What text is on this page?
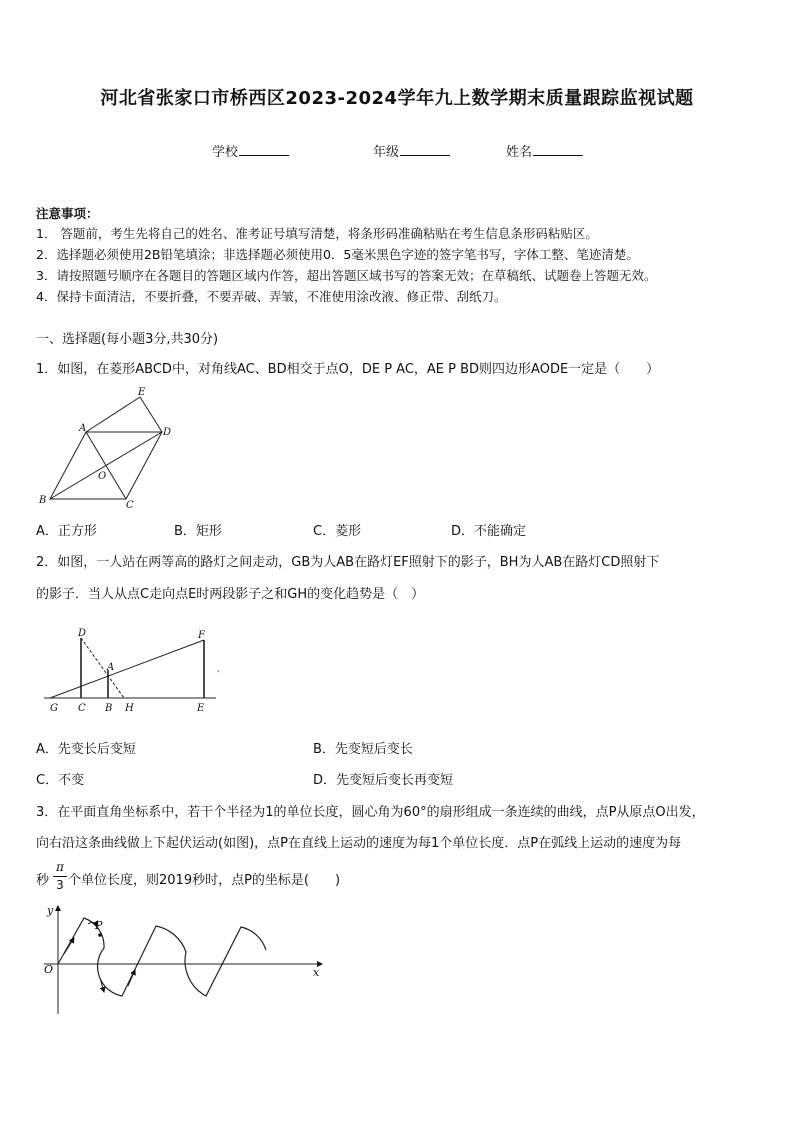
河北省张家口市桥西区2023-2024学年九上数学期末质量跟踪监视试题
学校	年级	姓名
注意事项：
1． 答题前，考生先将自己的姓名、准考证号填写清楚，将条形码准确粘贴在考生信息条形码粘贴区。
2．选择题必须使用2B铅笔填涂；非选择题必须使用0．5毫米黑色字迹的签字笔书写，字体工整、笔迹清楚。
3．请按照题号顺序在各题目的答题区域内作答，超出答题区域书写的答案无效；在草稿纸、试题卷上答题无效。
4．保持卡面清洁，不要折叠，不要弄破、弄皱，不准使用涂改液、修正带、刮纸刀。
一、选择题(每小题3分,共30分)
1．如图，在菱形ABCD中，对角线AC、BD相交于点O，DE P AC，AE P BD则四边形AODE一定是（　　）
E
A	D
O
B	C
A．正方形	B．矩形	C．菱形	D．不能确定
2．如图，一人站在两等高的路灯之间走动，GB为人AB在路灯EF照射下的影子，BH为人AB在路灯CD照射下
的影子．当人从点C走向点E时两段影子之和GH的变化趋势是（　）
'
D	F
A
G C B H	E
A．先变长后变短	B．先变短后变长
C．不变	D．先变短后变长再变短
3．在平面直角坐标系中，若干个半径为1的单位长度，圆心角为60°的扇形组成一条连续的曲线，点P从原点O出发，
向右沿这条曲线做上下起伏运动(如图)，点P在直线上运动的速度为每1个单位长度．点P在弧线上运动的速度为每
秒
π
3 个单位长度，则2019秒时，点P的坐标是(　　)
y
P
O	x
